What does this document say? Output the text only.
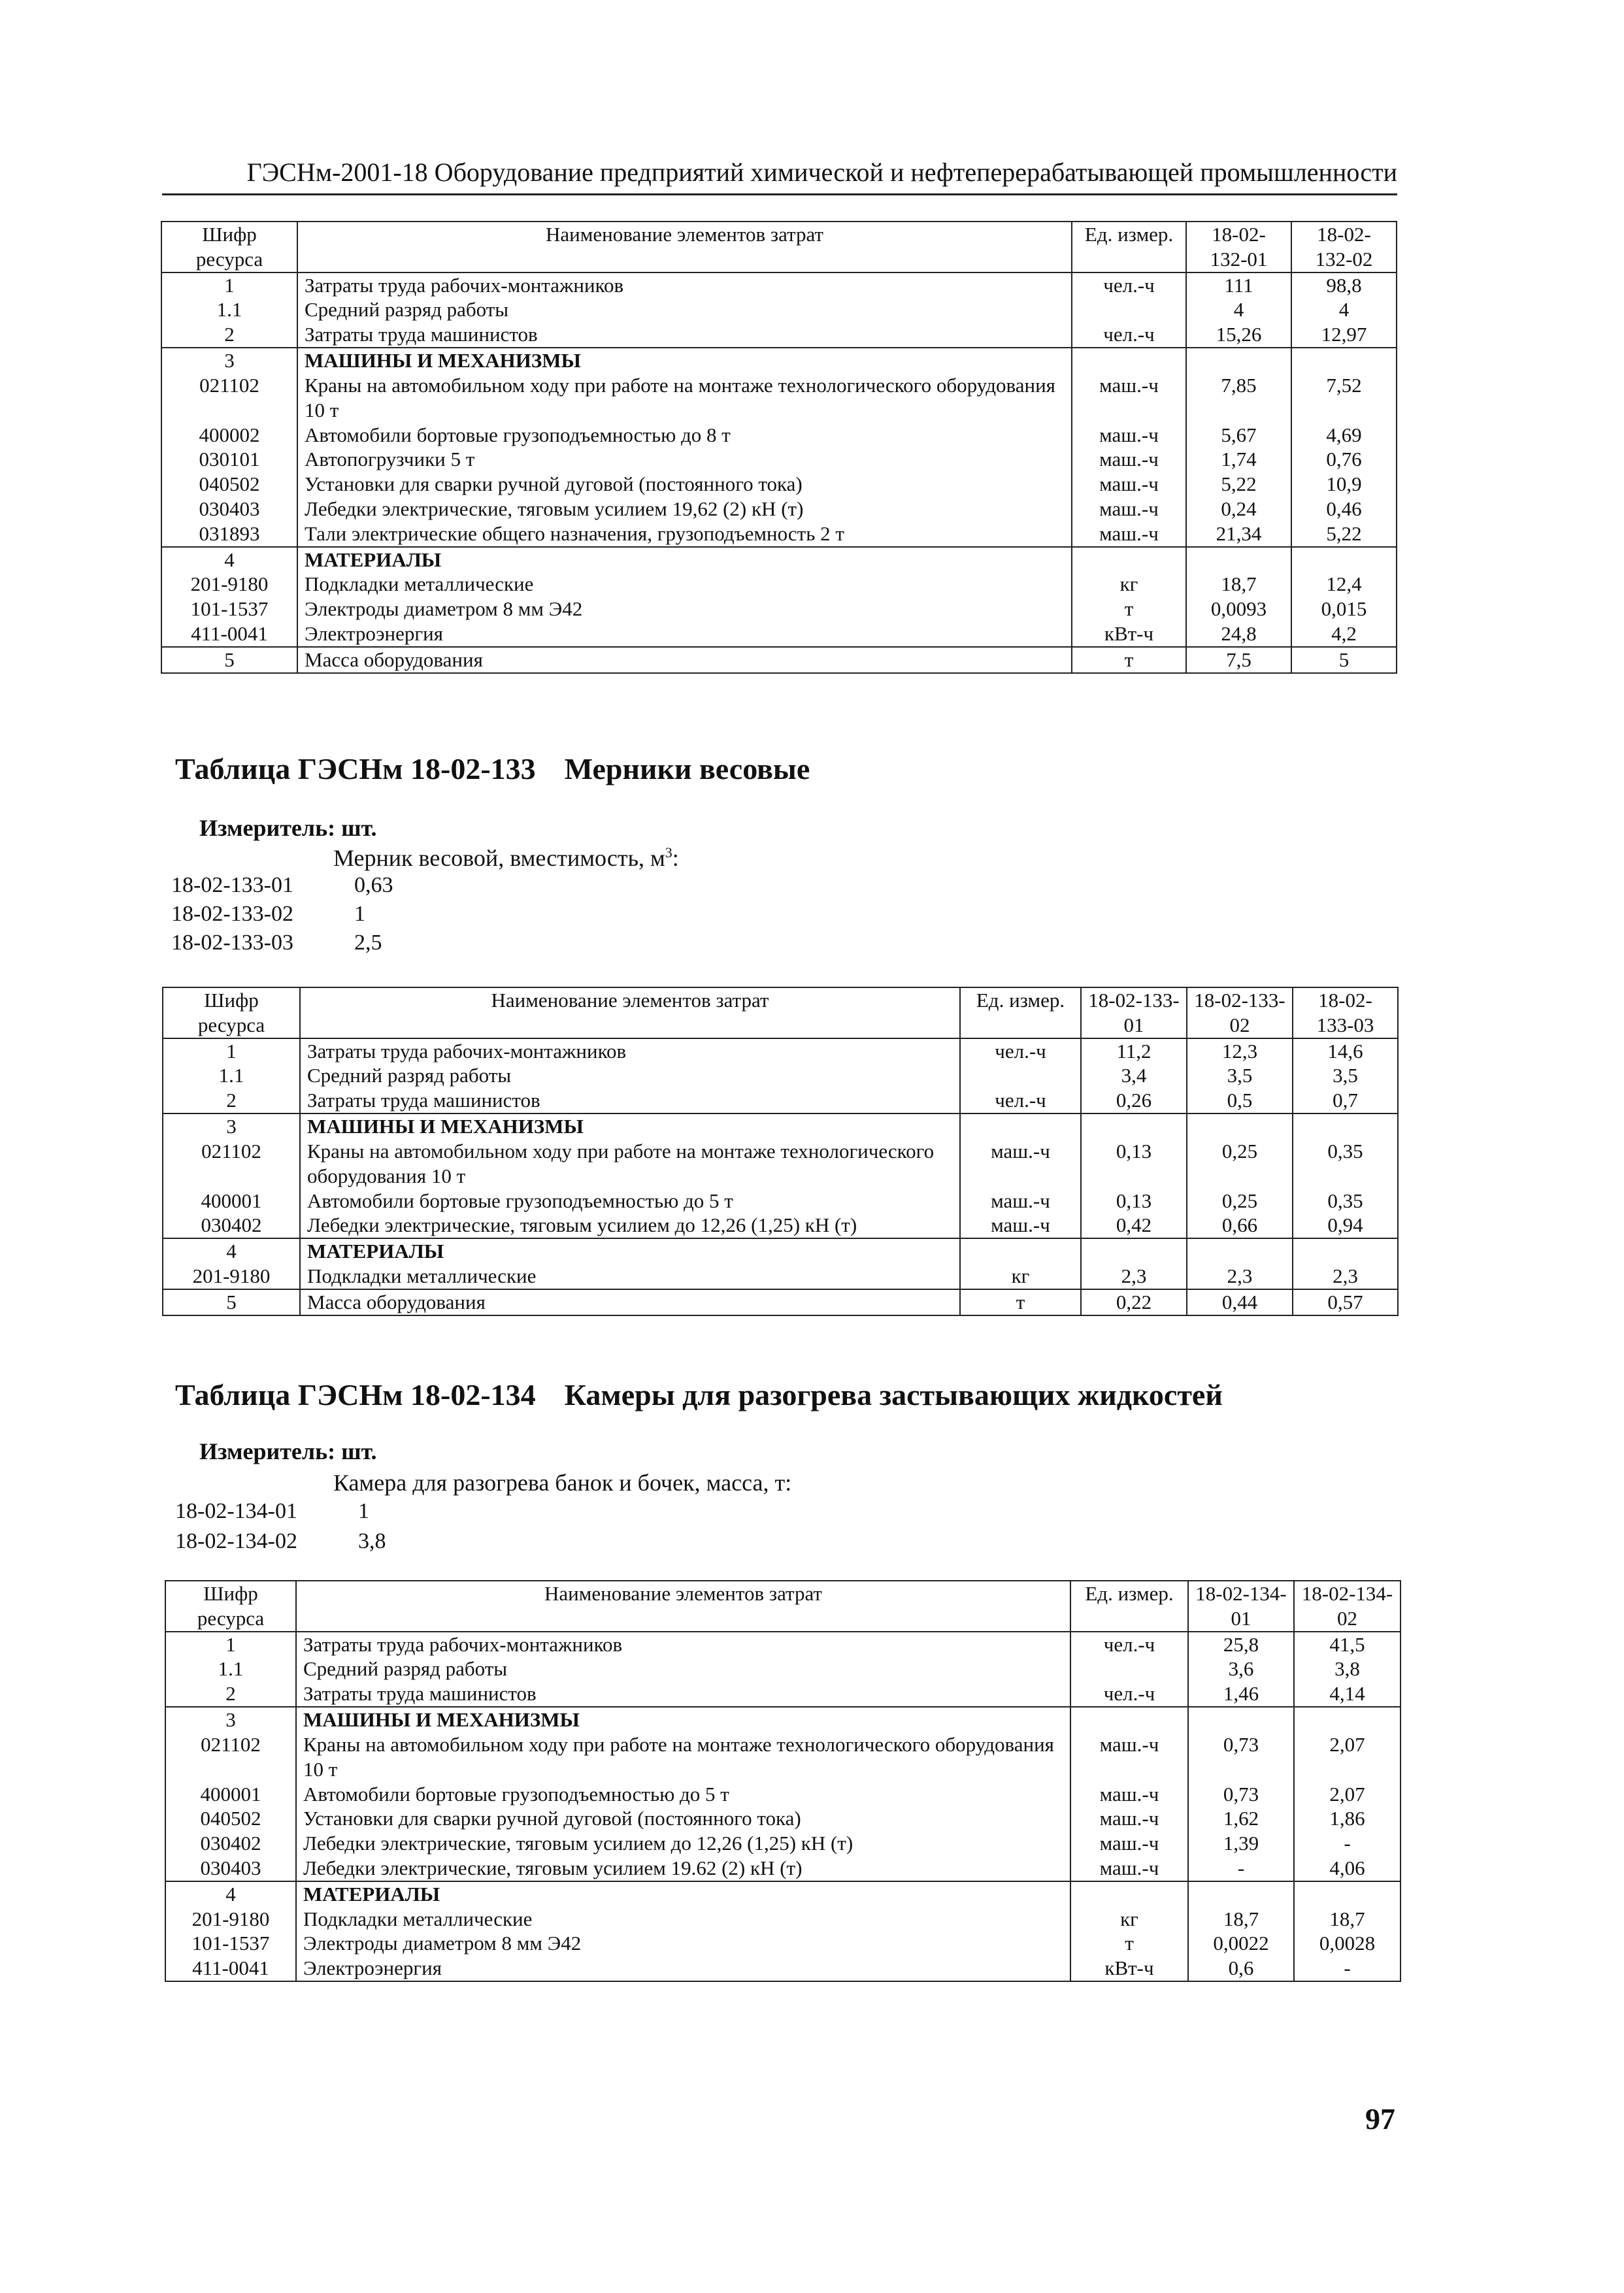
ГЭСНм-2001-18 Оборудование предприятий химической и нефтеперерабатывающей промышленности
Шифр ресурса	Наименование элементов затрат	Ед. измер.	18-02-132-01	18-02-132-02
1	Затраты труда рабочих-монтажников	чел.-ч	111	98,8
1.1	Средний разряд работы		4	4
2	Затраты труда машинистов	чел.-ч	15,26	12,97
3	МАШИНЫ И МЕХАНИЗМЫ			
021102	Краны на автомобильном ходу при работе на монтаже технологического оборудования 10 т	маш.-ч	7,85	7,52
400002	Автомобили бортовые грузоподъемностью до 8 т	маш.-ч	5,67	4,69
030101	Автопогрузчики 5 т	маш.-ч	1,74	0,76
040502	Установки для сварки ручной дуговой (постоянного тока)	маш.-ч	5,22	10,9
030403	Лебедки электрические, тяговым усилием 19,62 (2) кН (т)	маш.-ч	0,24	0,46
031893	Тали электрические общего назначения, грузоподъемность 2 т	маш.-ч	21,34	5,22
4	МАТЕРИАЛЫ			
201-9180	Подкладки металлические	кг	18,7	12,4
101-1537	Электроды диаметром 8 мм Э42	т	0,0093	0,015
411-0041	Электроэнергия	кВт-ч	24,8	4,2
5	Масса оборудования	т	7,5	5
Таблица ГЭСНм 18-02-133 Мерники весовые
Измеритель: шт.
Мерник весовой, вместимость, $м^3$:
18-02-133-01	0,63
18-02-133-02	1
18-02-133-03	2,5
Шифр ресурса	Наименование элементов затрат	Ед. измер.	18-02-133-01	18-02-133-02	18-02-133-03
1	Затраты труда рабочих-монтажников	чел.-ч	11,2	12,3	14,6
1.1	Средний разряд работы		3,4	3,5	3,5
2	Затраты труда машинистов	чел.-ч	0,26	0,5	0,7
3	МАШИНЫ И МЕХАНИЗМЫ				
021102	Краны на автомобильном ходу при работе на монтаже технологического оборудования 10 т	маш.-ч	0,13	0,25	0,35
400001	Автомобили бортовые грузоподъемностью до 5 т	маш.-ч	0,13	0,25	0,35
030402	Лебедки электрические, тяговым усилием до 12,26 (1,25) кН (т)	маш.-ч	0,42	0,66	0,94
4	МАТЕРИАЛЫ				
201-9180	Подкладки металлические	кг	2,3	2,3	2,3
5	Масса оборудования	т	0,22	0,44	0,57
Таблица ГЭСНм 18-02-134 Камеры для разогрева застывающих жидкостей
Измеритель: шт.
Камера для разогрева банок и бочек, масса, т:
18-02-134-01	1
18-02-134-02	3,8
Шифр ресурса	Наименование элементов затрат	Ед. измер.	18-02-134-01	18-02-134-02
1	Затраты труда рабочих-монтажников	чел.-ч	25,8	41,5
1.1	Средний разряд работы		3,6	3,8
2	Затраты труда машинистов	чел.-ч	1,46	4,14
3	МАШИНЫ И МЕХАНИЗМЫ			
021102	Краны на автомобильном ходу при работе на монтаже технологического оборудования 10 т	маш.-ч	0,73	2,07
400001	Автомобили бортовые грузоподъемностью до 5 т	маш.-ч	0,73	2,07
040502	Установки для сварки ручной дуговой (постоянного тока)	маш.-ч	1,62	1,86
030402	Лебедки электрические, тяговым усилием до 12,26 (1,25) кН (т)	маш.-ч	1,39	-
030403	Лебедки электрические, тяговым усилием 19.62 (2) кН (т)	маш.-ч	-	4,06
4	МАТЕРИАЛЫ			
201-9180	Подкладки металлические	кг	18,7	18,7
101-1537	Электроды диаметром 8 мм Э42	т	0,0022	0,0028
411-0041	Электроэнергия	кВт-ч	0,6	-
97
